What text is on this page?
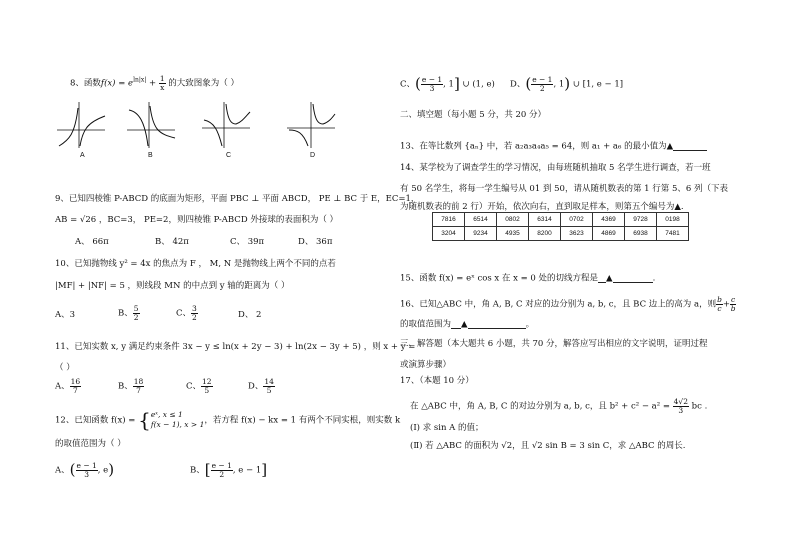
8、函数$f(x) = e^{ln|x|} + \frac{1}{x}$ 的大致图象为（ ）
A	B	C	D
9、已知四棱锥 P-ABCD 的底面为矩形，平面 PBC ⊥ 平面 ABCD， PE ⊥ BC 于 E，EC=1，
AB = √26 ，BC=3， PE=2，则四棱锥 P-ABCD 外接球的表面积为（ ）
A、 66π	B、 42π	C、 39π	D、 36π
10、已知抛物线 y² = 4x 的焦点为 F ， M, N 是抛物线上两个不同的点若
|MF| + |NF| = 5 ，则线段 MN 的中点到 y 轴的距离为（ ）
A、3	B、 $\frac{5}{2}$	C、 $\frac{3}{2}$	D、 2
11、已知实数 x, y 满足约束条件 3x − y ≤ ln(x + 2y − 3) + ln(2x − 3y + 5) ，则 x + y =
（ ）
A、 $\frac{16}{7}$	B、 $\frac{18}{7}$	C、 $\frac{12}{5}$	D、 $\frac{14}{5}$
12、已知函数 f(x) = { eˣ, x ≤ 1
f(x − 1), x > 1 ，若方程 f(x) − kx = 1 有两个不同实根，则实数 k
的取值范围为（ ）
A、( $\frac{e - 1}{3}$ , e)	B、[ $\frac{e - 1}{2}$ , e − 1]
C、( $\frac{e - 1}{3}$ , 1] ∪ (1, e) D、( $\frac{e - 1}{2}$ , 1) ∪ [1, e − 1]
二、填空题（每小题 5 分，共 20 分）
13、在等比数列 {aₙ} 中，若 a₂a₃a₄a₅ = 64，则 a₁ + a₆ 的最小值为▲
14、某学校为了调查学生的学习情况，由每班随机抽取 5 名学生进行调查，若一班
有 50 名学生，将每一学生编号从 01 到 50，请从随机数表的第 1 行第 5、6 列（下表
为随机数表的前 2 行）开始，依次向右，直到取足样本，则第五个编号为▲.
7816	6514	0802	6314	0702	4369	9728	0198
3204	9234	4935	8200	3623	4869	6938	7481
15、函数 f(x) = eˣ cos x 在 x = 0 处的切线方程是 ▲	.
16、已知△ABC 中，角 A, B, C 对应的边分别为 a, b, c，且 BC 边上的高为 a，则 $\frac{b}{c} + \frac{c}{b}$
的取值范围为 ▲	。
三、解答题（本大题共 6 小题，共 70 分，解答应写出相应的文字说明，证明过程
或演算步骤）
17、（本题 10 分）
在 △ABC 中，角 A, B, C 的对边分别为 a, b, c，且 $b^2 + c^2 - a^2 = \frac{4√2}{3}$ bc .
(Ⅰ) 求 sin A 的值；
(Ⅱ) 若 △ABC 的面积为 √2，且 √2 sin B = 3 sin C，求 △ABC 的周长.
